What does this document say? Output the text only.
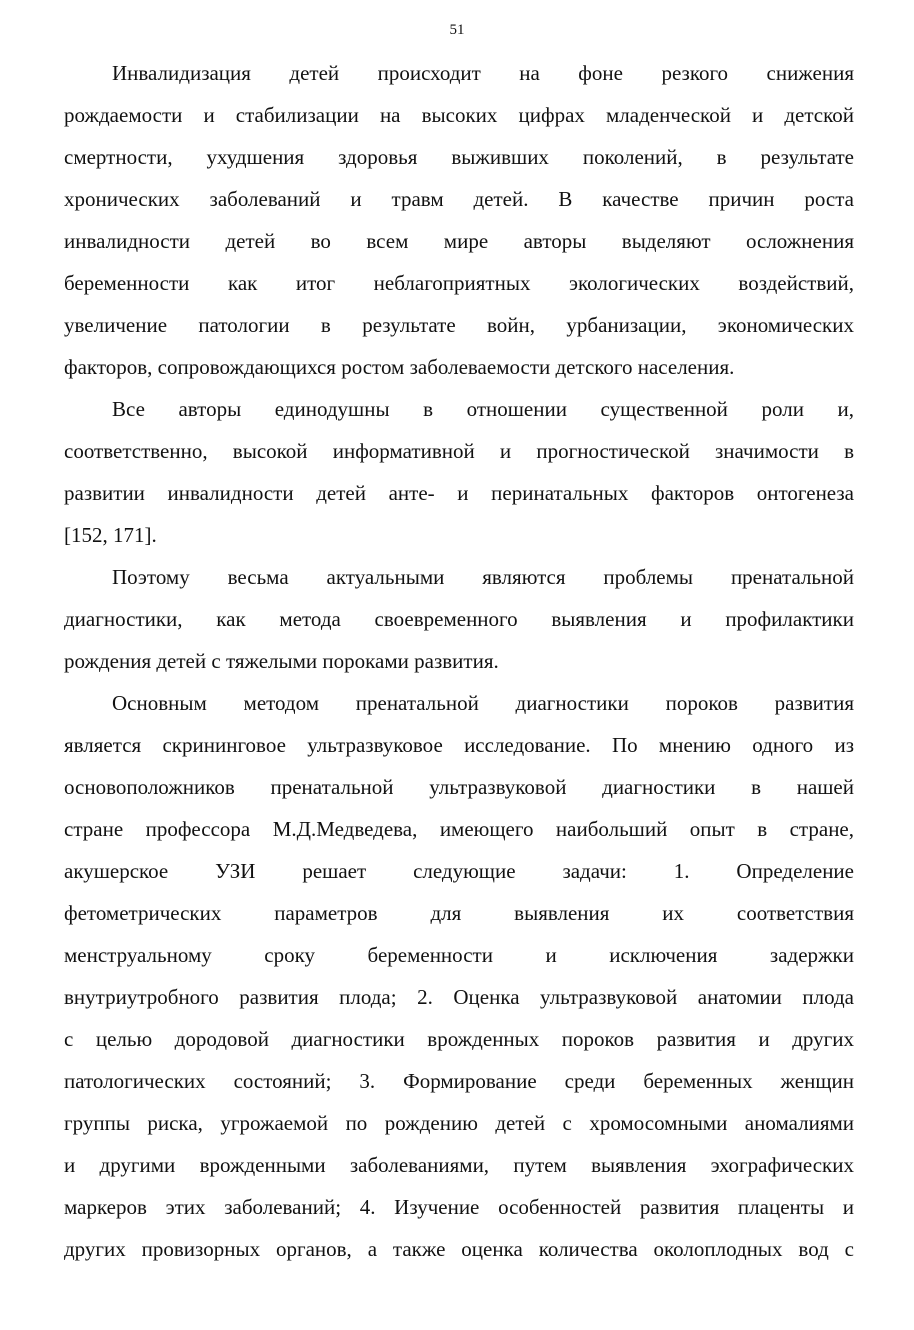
51
Инвалидизация детей происходит на фоне резкого снижения
рождаемости и стабилизации на высоких цифрах младенческой и детской
смертности, ухудшения здоровья выживших поколений, в результате
хронических заболеваний и травм детей. В качестве причин роста
инвалидности детей во всем мире авторы выделяют осложнения
беременности как итог неблагоприятных экологических воздействий,
увеличение патологии в результате войн, урбанизации, экономических
факторов, сопровождающихся ростом заболеваемости детского населения.
Все авторы единодушны в отношении существенной роли и,
соответственно, высокой информативной и прогностической значимости в
развитии инвалидности детей анте- и перинатальных факторов онтогенеза
[152, 171].
Поэтому весьма актуальными являются проблемы пренатальной
диагностики, как метода своевременного выявления и профилактики
рождения детей с тяжелыми пороками развития.
Основным методом пренатальной диагностики пороков развития
является скрининговое ультразвуковое исследование. По мнению одного из
основоположников пренатальной ультразвуковой диагностики в нашей
стране профессора М.Д.Медведева, имеющего наибольший опыт в стране,
акушерское УЗИ решает следующие задачи: 1. Определение
фетометрических параметров для выявления их соответствия
менструальному сроку беременности и исключения задержки
внутриутробного развития плода; 2. Оценка ультразвуковой анатомии плода
с целью дородовой диагностики врожденных пороков развития и других
патологических состояний; 3. Формирование среди беременных женщин
группы риска, угрожаемой по рождению детей с хромосомными аномалиями
и другими врожденными заболеваниями, путем выявления эхографических
маркеров этих заболеваний; 4. Изучение особенностей развития плаценты и
других провизорных органов, а также оценка количества околоплодных вод с
